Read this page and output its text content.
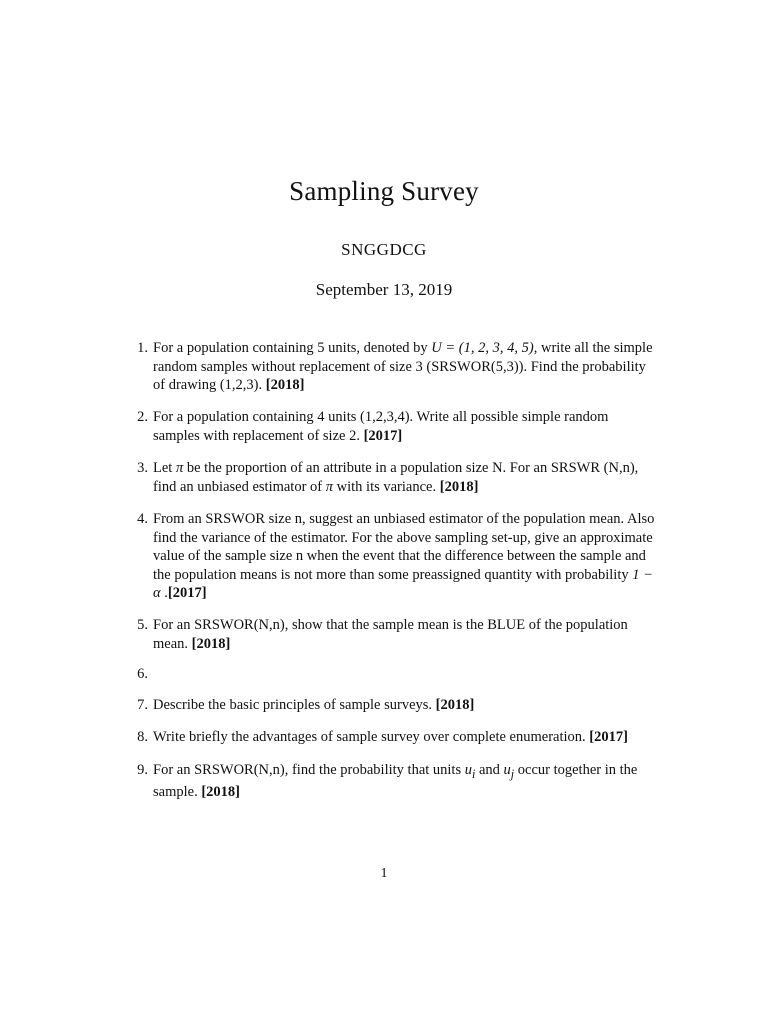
Sampling Survey
SNGGDCG
September 13, 2019
1. For a population containing 5 units, denoted by U = (1, 2, 3, 4, 5), write all the simple random samples without replacement of size 3 (SRSWOR(5,3)). Find the probability of drawing (1,2,3). [2018]
2. For a population containing 4 units (1,2,3,4). Write all possible simple random samples with replacement of size 2. [2017]
3. Let π be the proportion of an attribute in a population size N. For an SRSWR (N,n), find an unbiased estimator of π with its variance. [2018]
4. From an SRSWOR size n, suggest an unbiased estimator of the population mean. Also find the variance of the estimator. For the above sampling set-up, give an approximate value of the sample size n when the event that the difference between the sample and the population means is not more than some preassigned quantity with probability 1 − α .[2017]
5. For an SRSWOR(N,n), show that the sample mean is the BLUE of the population mean. [2018]
6.
7. Describe the basic principles of sample surveys. [2018]
8. Write briefly the advantages of sample survey over complete enumeration. [2017]
9. For an SRSWOR(N,n), find the probability that units $u_i$ and $u_j$ occur together in the sample. [2018]
1
